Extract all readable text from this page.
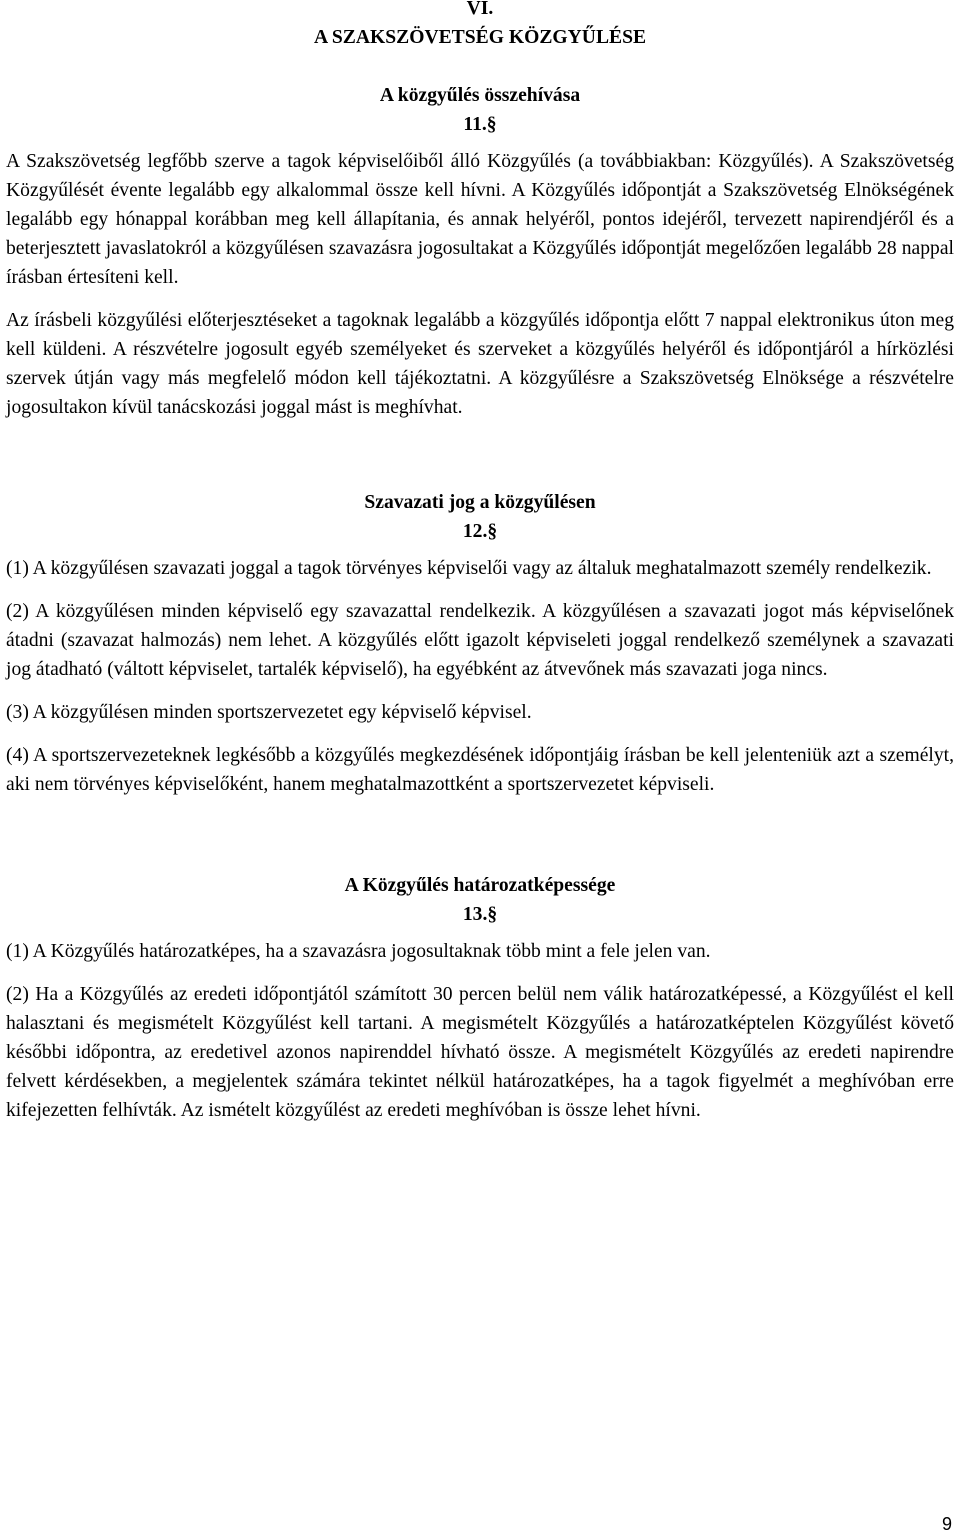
VI.
A SZAKSZÖVETSÉG KÖZGYŰLÉSE
A közgyűlés összehívása
11.§

A Szakszövetség legfőbb szerve a tagok képviselőiből álló Közgyűlés (a továbbiakban: Közgyűlés). A Szakszövetség Közgyűlését évente legalább egy alkalommal össze kell hívni. A Közgyűlés időpontját a Szakszövetség Elnökségének legalább egy hónappal korábban meg kell állapítania, és annak helyéről, pontos idejéről, tervezett napirendjéről és a beterjesztett javaslatokról a közgyűlésen szavazásra jogosultakat a Közgyűlés időpontját megelőzően legalább 28 nappal írásban értesíteni kell.

Az írásbeli közgyűlési előterjesztéseket a tagoknak legalább a közgyűlés időpontja előtt 7 nappal elektronikus úton meg kell küldeni. A részvételre jogosult egyéb személyeket és szerveket a közgyűlés helyéről és időpontjáról a hírközlési szervek útján vagy más megfelelő módon kell tájékoztatni. A közgyűlésre a Szakszövetség Elnöksége a részvételre jogosultakon kívül tanácskozási joggal mást is meghívhat.

Szavazati jog a közgyűlésen
12.§

(1) A közgyűlésen szavazati joggal a tagok törvényes képviselői vagy az általuk meghatalmazott személy rendelkezik.

(2) A közgyűlésen minden képviselő egy szavazattal rendelkezik. A közgyűlésen a szavazati jogot más képviselőnek átadni (szavazat halmozás) nem lehet. A közgyűlés előtt igazolt képviseleti joggal rendelkező személynek a szavazati jog átadható (váltott képviselet, tartalék képviselő), ha egyébként az átvevőnek más szavazati joga nincs.

(3) A közgyűlésen minden sportszervezetet egy képviselő képvisel.

(4) A sportszervezeteknek legkésőbb a közgyűlés megkezdésének időpontjáig írásban be kell jelenteniük azt a személyt, aki nem törvényes képviselőként, hanem meghatalmazottként a sportszervezetet képviseli.

A Közgyűlés határozatképessége
13.§

(1) A Közgyűlés határozatképes, ha a szavazásra jogosultaknak több mint a fele jelen van.

(2) Ha a Közgyűlés az eredeti időpontjától számított 30 percen belül nem válik határozatképessé, a Közgyűlést el kell halasztani és megismételt Közgyűlést kell tartani. A megismételt Közgyűlés a határozatképtelen Közgyűlést követő későbbi időpontra, az eredetivel azonos napirenddel hívható össze. A megismételt Közgyűlés az eredeti napirendre felvett kérdésekben, a megjelentek számára tekintet nélkül határozatképes, ha a tagok figyelmét a meghívóban erre kifejezetten felhívták. Az ismételt közgyűlést az eredeti meghívóban is össze lehet hívni.

9
